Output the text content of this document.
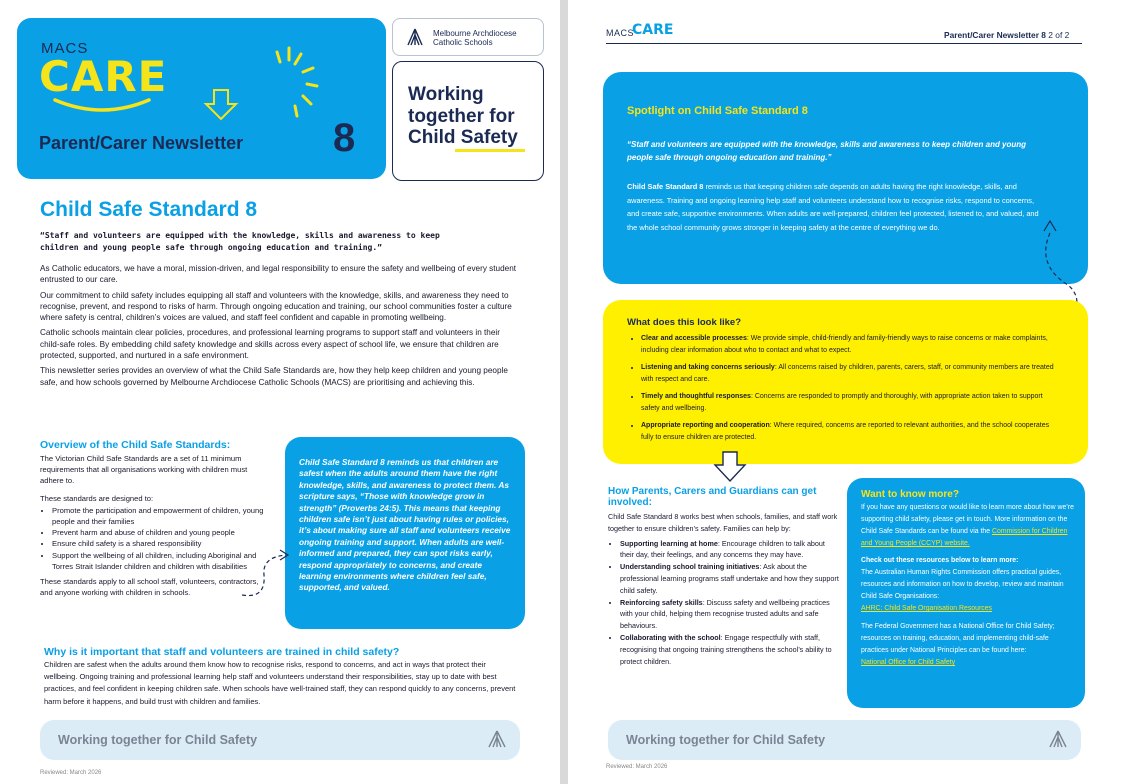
MACS
CARE
Parent/Carer Newsletter 8
Melbourne Archdiocese
Catholic Schools
Working
together for
Child Safety
Child Safe Standard 8
“Staff and volunteers are equipped with the knowledge, skills and awareness to keep children and young people safe through ongoing education and training.”

As Catholic educators, we have a moral, mission-driven, and legal responsibility to ensure the safety and wellbeing of every student entrusted to our care.

Our commitment to child safety includes equipping all staff and volunteers with the knowledge, skills, and awareness they need to recognise, prevent, and respond to risks of harm. Through ongoing education and training, our school communities foster a culture where safety is central, children’s voices are valued, and staff feel confident and capable in promoting wellbeing.

Catholic schools maintain clear policies, procedures, and professional learning programs to support staff and volunteers in their child-safe roles. By embedding child safety knowledge and skills across every aspect of school life, we ensure that children are protected, supported, and nurtured in a safe environment.

This newsletter series provides an overview of what the Child Safe Standards are, how they help keep children and young people safe, and how schools governed by Melbourne Archdiocese Catholic Schools (MACS) are prioritising and achieving this.

Overview of the Child Safe Standards:
The Victorian Child Safe Standards are a set of 11 minimum requirements that all organisations working with children must adhere to.
These standards are designed to:
• Promote the participation and empowerment of children, young people and their families
• Prevent harm and abuse of children and young people
• Ensure child safety is a shared responsibility
• Support the wellbeing of all children, including Aboriginal and Torres Strait Islander children and children with disabilities
These standards apply to all school staff, volunteers, contractors, and anyone working with children in schools.
Child Safe Standard 8 reminds us that children are safest when the adults around them have the right knowledge, skills, and awareness to protect them. As scripture says, “Those with knowledge grow in strength” (Proverbs 24:5). This means that keeping children safe isn’t just about having rules or policies, it’s about making sure all staff and volunteers receive ongoing training and support. When adults are well-informed and prepared, they can spot risks early, respond appropriately to concerns, and create learning environments where children feel safe, supported, and valued.
Why is it important that staff and volunteers are trained in child safety?
Children are safest when the adults around them know how to recognise risks, respond to concerns, and act in ways that protect their wellbeing. Ongoing training and professional learning help staff and volunteers understand their responsibilities, stay up to date with best practices, and feel confident in keeping children safe. When schools have well-trained staff, they can respond quickly to any concerns, prevent harm before it happens, and build trust with children and families.
Working together for Child Safety
Reviewed: March 2026
MACS
CARE	Parent/Carer Newsletter 8 2 of 2
Spotlight on Child Safe Standard 8
“Staff and volunteers are equipped with the knowledge, skills and awareness to keep children and young people safe through ongoing education and training.”
Child Safe Standard 8 reminds us that keeping children safe depends on adults having the right knowledge, skills, and awareness. Training and ongoing learning help staff and volunteers understand how to recognise risks, respond to concerns, and create safe, supportive environments. When adults are well-prepared, children feel protected, listened to, and valued, and the whole school community grows stronger in keeping safety at the centre of everything we do.
What does this look like?
• Clear and accessible processes: We provide simple, child-friendly and family-friendly ways to raise concerns or make complaints, including clear information about who to contact and what to expect.
• Listening and taking concerns seriously: All concerns raised by children, parents, carers, staff, or community members are treated with respect and care.
• Timely and thoughtful responses: Concerns are responded to promptly and thoroughly, with appropriate action taken to support safety and wellbeing.
• Appropriate reporting and cooperation: Where required, concerns are reported to relevant authorities, and the school cooperates fully to ensure children are protected.
How Parents, Carers and Guardians can get involved:
Child Safe Standard 8 works best when schools, families, and staff work together to ensure children’s safety. Families can help by:
• Supporting learning at home: Encourage children to talk about their day, their feelings, and any concerns they may have.
• Understanding school training initiatives: Ask about the professional learning programs staff undertake and how they support child safety.
• Reinforcing safety skills: Discuss safety and wellbeing practices with your child, helping them recognise trusted adults and safe behaviours.
• Collaborating with the school: Engage respectfully with staff, recognising that ongoing training strengthens the school’s ability to protect children.
Want to know more?
If you have any questions or would like to learn more about how we’re supporting child safety, please get in touch. More information on the Child Safe Standards can be found via the Commission for Children and Young People (CCYP) website.
Check out these resources below to learn more:
The Australian Human Rights Commission offers practical guides, resources and information on how to develop, review and maintain Child Safe Organisations:
AHRC: Child Safe Organisation Resources
The Federal Government has a National Office for Child Safety; resources on training, education, and implementing child-safe practices under National Principles can be found here:
National Office for Child Safety
Working together for Child Safety
Reviewed: March 2026
